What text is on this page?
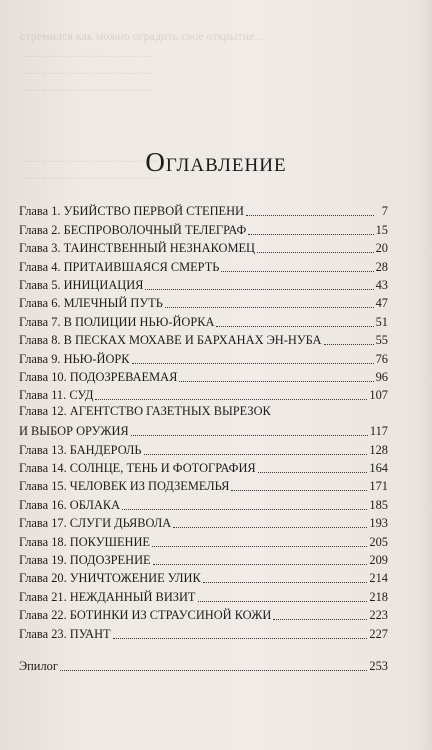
стремился как можно оградить свое открытие...
............................................
............................................
............................................
..............................................
..............................................
Оглавление
Глава 1. УБИЙСТВО ПЕРВОЙ СТЕПЕНИ	7
Глава 2. БЕСПРОВОЛОЧНЫЙ ТЕЛЕГРАФ	15
Глава 3. ТАИНСТВЕННЫЙ НЕЗНАКОМЕЦ	20
Глава 4. ПРИТАИВШАЯСЯ СМЕРТЬ	28
Глава 5. ИНИЦИАЦИЯ	43
Глава 6. МЛЕЧНЫЙ ПУТЬ	47
Глава 7. В ПОЛИЦИИ НЬЮ-ЙОРКА	51
Глава 8. В ПЕСКАХ МОХАВЕ И БАРХАНАХ ЭН-НУБА	55
Глава 9. НЬЮ-ЙОРК	76
Глава 10. ПОДОЗРЕВАЕМАЯ	96
Глава 11. СУД	107
Глава 12. АГЕНТСТВО ГАЗЕТНЫХ ВЫРЕЗОК
И ВЫБОР ОРУЖИЯ	117
Глава 13. БАНДЕРОЛЬ	128
Глава 14. СОЛНЦЕ, ТЕНЬ И ФОТОГРАФИЯ	164
Глава 15. ЧЕЛОВЕК ИЗ ПОДЗЕМЕЛЬЯ	171
Глава 16. ОБЛАКА	185
Глава 17. СЛУГИ ДЬЯВОЛА	193
Глава 18. ПОКУШЕНИЕ	205
Глава 19. ПОДОЗРЕНИЕ	209
Глава 20. УНИЧТОЖЕНИЕ УЛИК	214
Глава 21. НЕЖДАННЫЙ ВИЗИТ	218
Глава 22. БОТИНКИ ИЗ СТРАУСИНОЙ КОЖИ	223
Глава 23. ПУАНТ	227
Эпилог	253
